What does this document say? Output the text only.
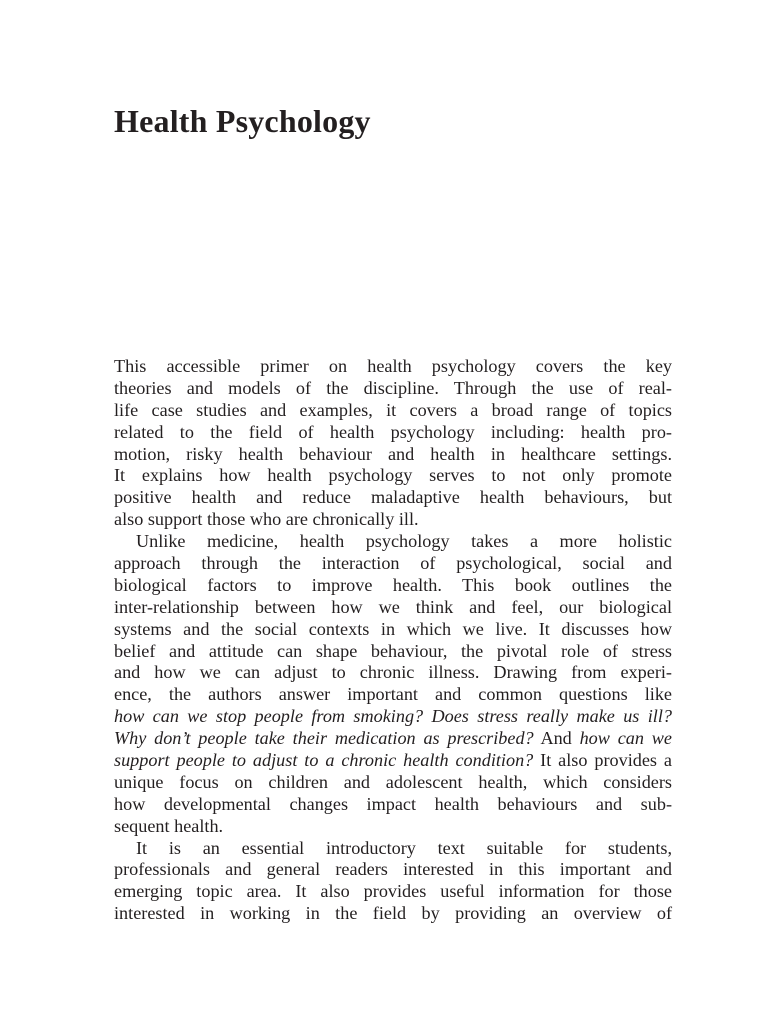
Health Psychology
This accessible primer on health psychology covers the key
theories and models of the discipline. Through the use of real-
life case studies and examples, it covers a broad range of topics
related to the field of health psychology including: health pro-
motion, risky health behaviour and health in healthcare settings.
It explains how health psychology serves to not only promote
positive health and reduce maladaptive health behaviours, but
also support those who are chronically ill.
Unlike medicine, health psychology takes a more holistic
approach through the interaction of psychological, social and
biological factors to improve health. This book outlines the
inter-relationship between how we think and feel, our biological
systems and the social contexts in which we live. It discusses how
belief and attitude can shape behaviour, the pivotal role of stress
and how we can adjust to chronic illness. Drawing from experi-
ence, the authors answer important and common questions like
how can we stop people from smoking? Does stress really make us ill?
Why don’t people take their medication as prescribed? And how can we
support people to adjust to a chronic health condition? It also provides a
unique focus on children and adolescent health, which considers
how developmental changes impact health behaviours and sub-
sequent health.
It is an essential introductory text suitable for students,
professionals and general readers interested in this important and
emerging topic area. It also provides useful information for those
interested in working in the field by providing an overview of
